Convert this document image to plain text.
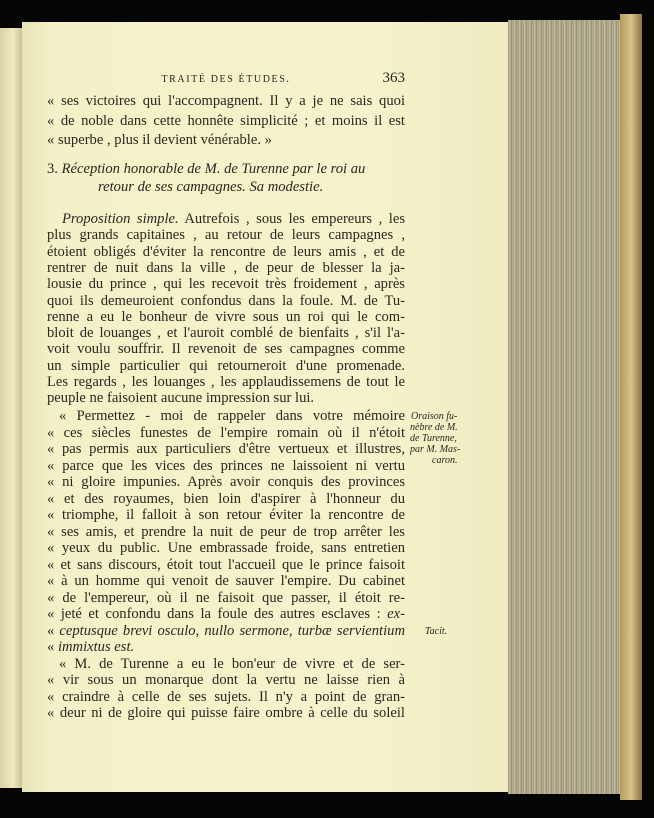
TRAITÉ DES ÉTUDES.	363
« ses victoires qui l'accompagnent. Il y a je ne sais quoi
« de noble dans cette honnête simplicité ; et moins il est
« superbe , plus il devient vénérable. »
Proposition simple. Autrefois , sous les empereurs , les
plus grands capitaines , au retour de leurs campagnes ,
étoient obligés d'éviter la rencontre de leurs amis , et de
rentrer de nuit dans la ville , de peur de blesser la ja-
lousie du prince , qui les recevoit très froidement , après
quoi ils demeuroient confondus dans la foule. M. de Tu-
renne a eu le bonheur de vivre sous un roi qui le com-
bloit de louanges , et l'auroit comblé de bienfaits , s'il l'a-
voit voulu souffrir. Il revenoit de ses campagnes comme
un simple particulier qui retourneroit d'une promenade.
Les regards , les louanges , les applaudissemens de tout le
peuple ne faisoient aucune impression sur lui.
« Permettez - moi de rappeler dans votre mémoire
« ces siècles funestes de l'empire romain où il n'étoit
« pas permis aux particuliers d'être vertueux et illustres,
« parce que les vices des princes ne laissoient ni vertu
« ni gloire impunies. Après avoir conquis des provinces
« et des royaumes, bien loin d'aspirer à l'honneur du
« triomphe, il falloit à son retour éviter la rencontre de
« ses amis, et prendre la nuit de peur de trop arrêter les
« yeux du public. Une embrassade froide, sans entretien
« et sans discours, étoit tout l'accueil que le prince faisoit
« à un homme qui venoit de sauver l'empire. Du cabinet
« de l'empereur, où il ne faisoit que passer, il étoit re-
« jeté et confondu dans la foule des autres esclaves : ex-
« ceptusque brevi osculo, nullo sermone, turbæ servientium
« immixtus est.
« M. de Turenne a eu le bon'eur de vivre et de ser-
« vir sous un monarque dont la vertu ne laisse rien à
« craindre à celle de ses sujets. Il n'y a point de gran-
« deur ni de gloire qui puisse faire ombre à celle du soleil
3. Réception honorable de M. de Turenne par le roi au
retour de ses campagnes. Sa modestie.
Oraison fu-
nèbre de M.
de Turenne,
par M. Mas-
caron.
Tacit.
